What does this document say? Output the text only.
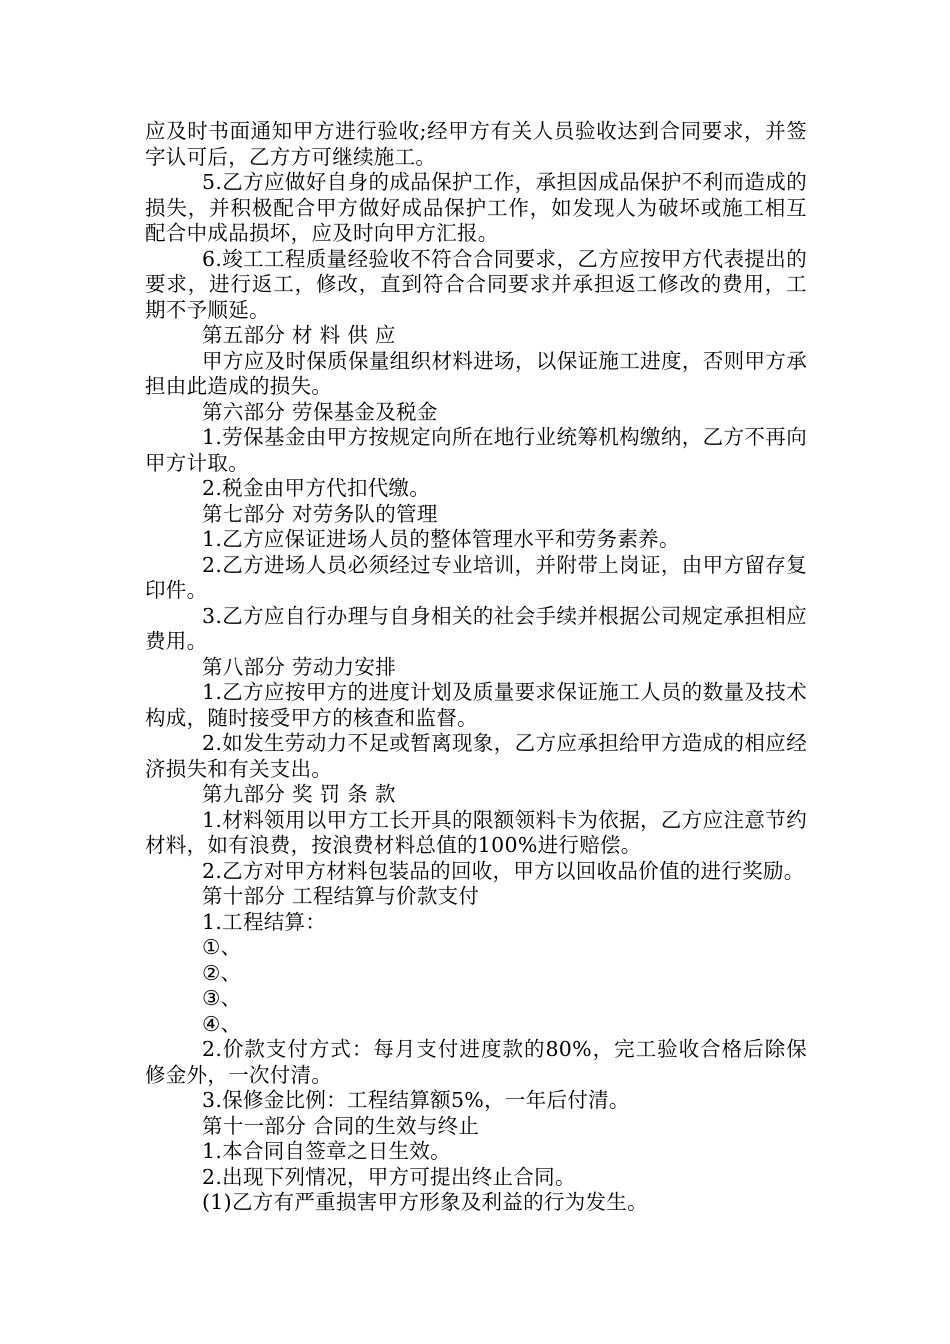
应及时书面通知甲方进行验收;经甲方有关人员验收达到合同要求，并签字认可后，乙方方可继续施工。

5.乙方应做好自身的成品保护工作，承担因成品保护不利而造成的损失，并积极配合甲方做好成品保护工作，如发现人为破坏或施工相互配合中成品损坏，应及时向甲方汇报。

6.竣工工程质量经验收不符合合同要求，乙方应按甲方代表提出的要求，进行返工，修改，直到符合合同要求并承担返工修改的费用，工期不予顺延。

第五部分 材 料 供 应

甲方应及时保质保量组织材料进场，以保证施工进度，否则甲方承担由此造成的损失。

第六部分 劳保基金及税金

1.劳保基金由甲方按规定向所在地行业统筹机构缴纳，乙方不再向甲方计取。

2.税金由甲方代扣代缴。

第七部分 对劳务队的管理

1.乙方应保证进场人员的整体管理水平和劳务素养。

2.乙方进场人员必须经过专业培训，并附带上岗证，由甲方留存复印件。

3.乙方应自行办理与自身相关的社会手续并根据公司规定承担相应费用。

第八部分 劳动力安排

1.乙方应按甲方的进度计划及质量要求保证施工人员的数量及技术构成，随时接受甲方的核查和监督。

2.如发生劳动力不足或暂离现象，乙方应承担给甲方造成的相应经济损失和有关支出。

第九部分 奖 罚 条 款

1.材料领用以甲方工长开具的限额领料卡为依据，乙方应注意节约材料，如有浪费，按浪费材料总值的100%进行赔偿。

2.乙方对甲方材料包装品的回收，甲方以回收品价值的进行奖励。

第十部分 工程结算与价款支付

1.工程结算：

①、

②、

③、

④、

2.价款支付方式：每月支付进度款的80%，完工验收合格后除保修金外，一次付清。

3.保修金比例：工程结算额5%，一年后付清。

第十一部分 合同的生效与终止

1.本合同自签章之日生效。

2.出现下列情况，甲方可提出终止合同。

(1)乙方有严重损害甲方形象及利益的行为发生。
